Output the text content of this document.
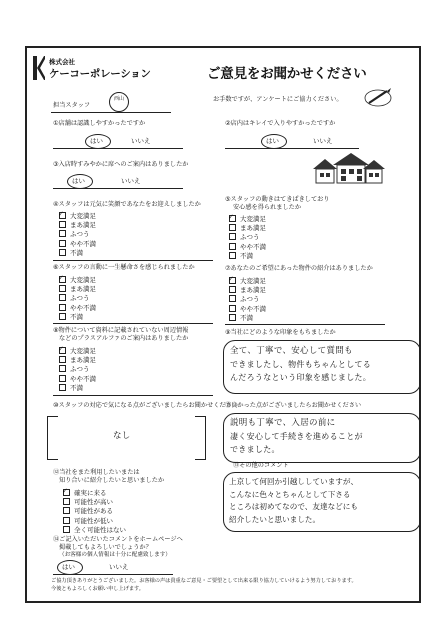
株式会社
ケーコーポレーション	ご意見をお聞かせください
お手数ですが、アンケートにご協力ください。
担当スタッフ
西山
①店舗は認識しやすかったですか
はい	いいえ
②店内はキレイで入りやすかったですか
はい	いいえ
③入店時すみやかに席へのご案内はありましたか
はい	いいえ
④スタッフは元気に笑顔であなたをお迎えしましたか
大変満足
まあ満足
ふつう
やや不満
不満
✓
⑤スタッフの動きはてきぱきしており
安心感を得られましたか
大変満足
まあ満足
ふつう
やや不満
不満
✓
⑥スタッフの言動に一生懸命さを感じられましたか
大変満足
まあ満足
ふつう
やや不満
不満
✓
⑦あなたのご希望にあった物件の紹介はありましたか
大変満足
まあ満足
ふつう
やや不満
不満
✓
⑧物件について資料に記載されていない周辺情報
などのプラスアルファのご案内はありましたか
大変満足
まあ満足
ふつう
やや不満
不満
✓
⑨当社にどのような印象をもちましたか
全て、丁寧で、安心して質問も
できましたし、物件もちゃんとしてる
んだろうなという印象を感じました。
⑩スタッフの対応で気になる点がございましたらお聞かせください
なし
⑪良かった点がございましたらお聞かせください
説明も丁寧で、入居の前に
凄く安心して手続きを進めることが
できました。
⑫当社をまた利用したいまたは
知り合いに紹介したいと思いましたか
確実に来る
可能性が高い
可能性がある
可能性が低い
全く可能性はない
✓
⑬その他のコメント
上京して何回か引越ししていますが、
こんなに色々とちゃんとして下さる
ところは初めてなので、友達などにも
紹介したいと思いました。
⑭ご記入いただいたコメントをホームページへ
掲載してもよろしいでしょうか？
（お客様の個人情報は十分に配慮致します）
はい	いいえ
ご協力頂きありがとうございました。お客様の声は貴重なご意見・ご要望として出来る限り協力していけるよう努力しております。
今後ともよろしくお願い申し上げます。
